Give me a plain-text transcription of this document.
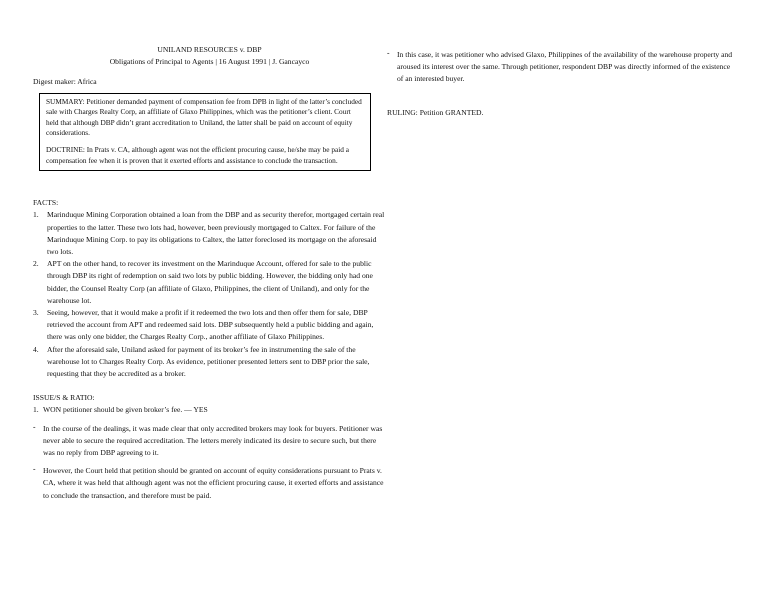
UNILAND RESOURCES v. DBP

Obligations of Principal to Agents | 16 August 1991 | J. Gancayco

Digest maker: Africa

SUMMARY: Petitioner demanded payment of compensation fee from DPB in light of the latter’s concluded sale with Charges Realty Corp, an affiliate of Glaxo Philippines, which was the petitioner’s client. Court held that although DBP didn’t grant accreditation to Uniland, the latter shall be paid on account of equity considerations.

DOCTRINE: In Prats v. CA, although agent was not the efficient procuring cause, he/she may be paid a compensation fee when it is proven that it exerted efforts and assistance to conclude the transaction.

FACTS:

1. Marinduque Mining Corporation obtained a loan from the DBP and as security therefor, mortgaged certain real properties to the latter. These two lots had, however, been previously mortgaged to Caltex. For failure of the Marinduque Mining Corp. to pay its obligations to Caltex, the latter foreclosed its mortgage on the aforesaid two lots.
2. APT on the other hand, to recover its investment on the Marinduque Account, offered for sale to the public through DBP its right of redemption on said two lots by public bidding. However, the bidding only had one bidder, the Counsel Realty Corp (an affiliate of Glaxo, Philippines, the client of Uniland), and only for the warehouse lot.
3. Seeing, however, that it would make a profit if it redeemed the two lots and then offer them for sale, DBP retrieved the account from APT and redeemed said lots. DBP subsequently held a public bidding and again, there was only one bidder, the Charges Realty Corp., another affiliate of Glaxo Philippines.
4. After the aforesaid sale, Uniland asked for payment of its broker’s fee in instrumenting the sale of the warehouse lot to Charges Realty Corp. As evidence, petitioner presented letters sent to DBP prior the sale, requesting that they be accredited as a broker.

ISSUE/S & RATIO:

1. WON petitioner should be given broker’s fee. — YES
- In the course of the dealings, it was made clear that only accredited brokers may look for buyers. Petitioner was never able to secure the required accreditation. The letters merely indicated its desire to secure such, but there was no reply from DBP agreeing to it.
- However, the Court held that petition should be granted on account of equity considerations pursuant to Prats v. CA, where it was held that although agent was not the efficient procuring cause, it exerted efforts and assistance to conclude the transaction, and therefore must be paid.
- In this case, it was petitioner who advised Glaxo, Philippines of the availability of the warehouse property and aroused its interest over the same. Through petitioner, respondent DBP was directly informed of the existence of an interested buyer.

RULING: Petition GRANTED.
